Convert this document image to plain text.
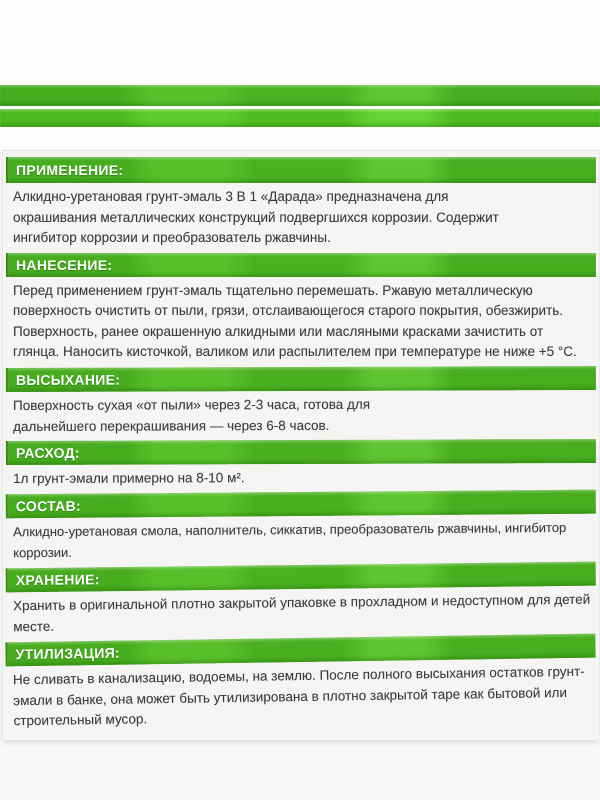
ПРИМЕНЕНИЕ:
Алкидно-уретановая грунт-эмаль 3 В 1 «Дарада» предназначена для окрашивания металлических конструкций подвергшихся коррозии. Содержит ингибитор коррозии и преобразователь ржавчины.
НАНЕСЕНИЕ:
Перед применением грунт-эмаль тщательно перемешать. Ржавую металлическую поверхность очистить от пыли, грязи, отслаивающегося старого покрытия, обезжирить. Поверхность, ранее окрашенную алкидными или масляными красками зачистить от глянца. Наносить кисточкой, валиком или распылителем при температуре не ниже +5 °С.
ВЫСЫХАНИЕ:
Поверхность сухая «от пыли» через 2-3 часа, готова для дальнейшего перекрашивания — через 6-8 часов.
РАСХОД:
1л грунт-эмали примерно на 8-10 м².
СОСТАВ:
Алкидно-уретановая смола, наполнитель, сиккатив, преобразователь ржавчины, ингибитор коррозии.
ХРАНЕНИЕ:
Хранить в оригинальной плотно закрытой упаковке в прохладном и недоступном для детей месте.
УТИЛИЗАЦИЯ:
Не сливать в канализацию, водоемы, на землю. После полного высыхания остатков грунт-эмали в банке, она может быть утилизирована в плотно закрытой таре как бытовой или строительный мусор.
